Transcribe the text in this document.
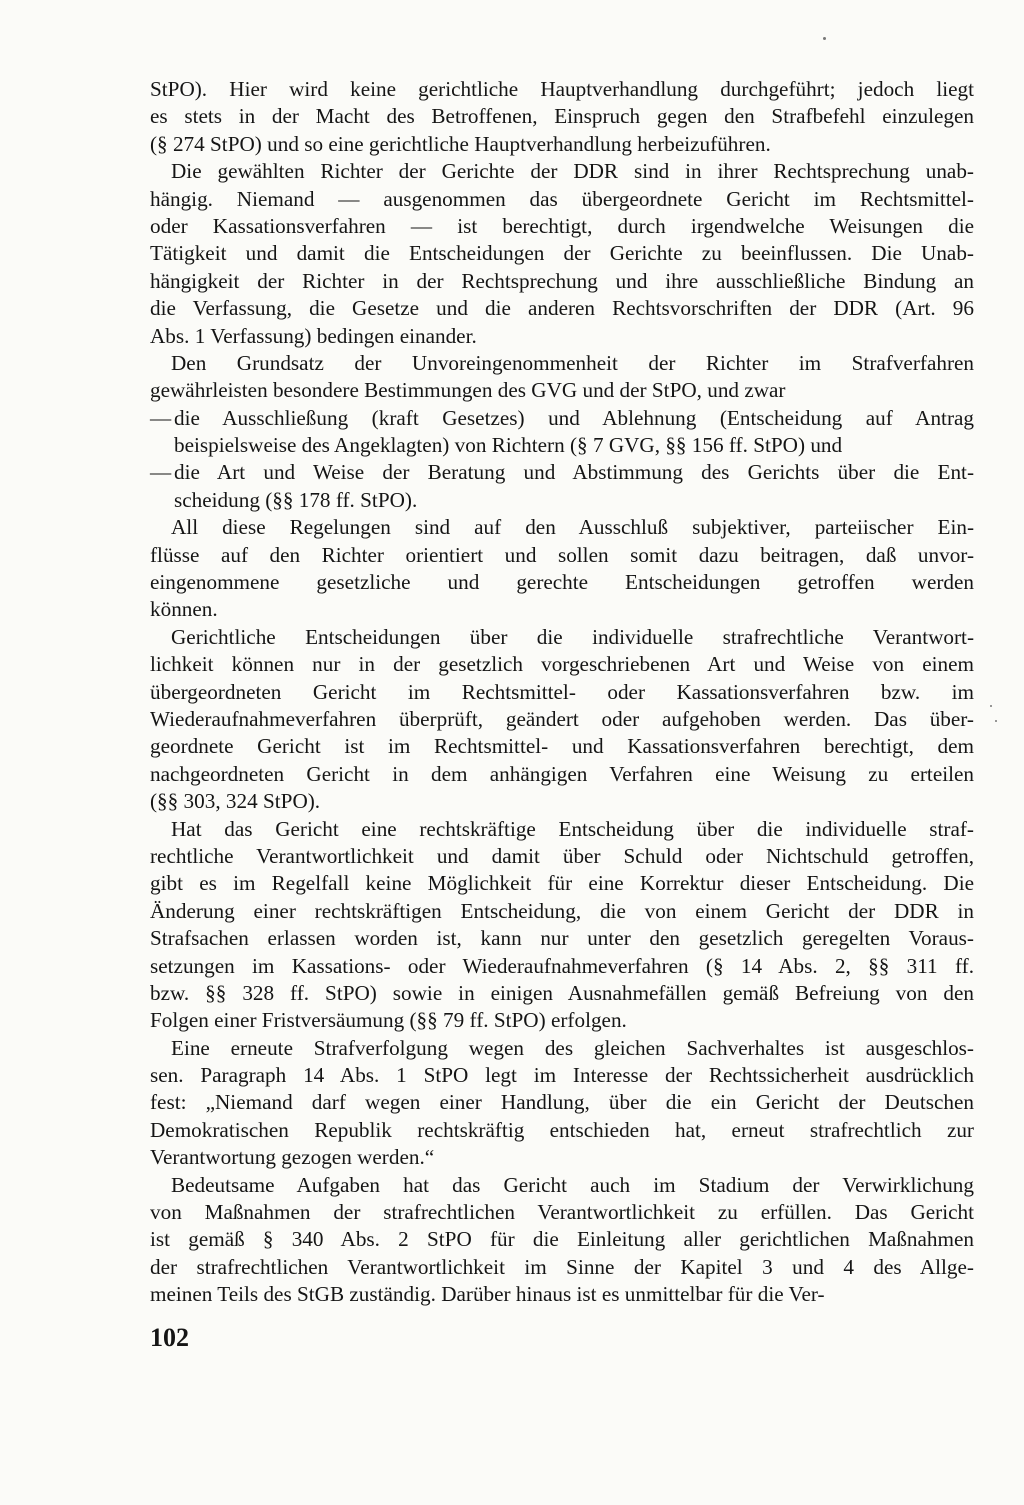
StPO). Hier wird keine gerichtliche Hauptverhandlung durchgeführt; jedoch liegt
es stets in der Macht des Betroffenen, Einspruch gegen den Strafbefehl einzulegen
(§ 274 StPO) und so eine gerichtliche Hauptverhandlung herbeizuführen.
Die gewählten Richter der Gerichte der DDR sind in ihrer Rechtsprechung unab-
hängig. Niemand — ausgenommen das übergeordnete Gericht im Rechtsmittel-
oder Kassationsverfahren — ist berechtigt, durch irgendwelche Weisungen die
Tätigkeit und damit die Entscheidungen der Gerichte zu beeinflussen. Die Unab-
hängigkeit der Richter in der Rechtsprechung und ihre ausschließliche Bindung an
die Verfassung, die Gesetze und die anderen Rechtsvorschriften der DDR (Art. 96
Abs. 1 Verfassung) bedingen einander.
Den Grundsatz der Unvoreingenommenheit der Richter im Strafverfahren
gewährleisten besondere Bestimmungen des GVG und der StPO, und zwar
— die Ausschließung (kraft Gesetzes) und Ablehnung (Entscheidung auf Antrag
beispielsweise des Angeklagten) von Richtern (§ 7 GVG, §§ 156 ff. StPO) und
— die Art und Weise der Beratung und Abstimmung des Gerichts über die Ent-
scheidung (§§ 178 ff. StPO).
All diese Regelungen sind auf den Ausschluß subjektiver, parteiischer Ein-
flüsse auf den Richter orientiert und sollen somit dazu beitragen, daß unvor-
eingenommene gesetzliche und gerechte Entscheidungen getroffen werden
können.
Gerichtliche Entscheidungen über die individuelle strafrechtliche Verantwort-
lichkeit können nur in der gesetzlich vorgeschriebenen Art und Weise von einem
übergeordneten Gericht im Rechtsmittel- oder Kassationsverfahren bzw. im
Wiederaufnahmeverfahren überprüft, geändert oder aufgehoben werden. Das über-
geordnete Gericht ist im Rechtsmittel- und Kassationsverfahren berechtigt, dem
nachgeordneten Gericht in dem anhängigen Verfahren eine Weisung zu erteilen
(§§ 303, 324 StPO).
Hat das Gericht eine rechtskräftige Entscheidung über die individuelle straf-
rechtliche Verantwortlichkeit und damit über Schuld oder Nichtschuld getroffen,
gibt es im Regelfall keine Möglichkeit für eine Korrektur dieser Entscheidung. Die
Änderung einer rechtskräftigen Entscheidung, die von einem Gericht der DDR in
Strafsachen erlassen worden ist, kann nur unter den gesetzlich geregelten Voraus-
setzungen im Kassations- oder Wiederaufnahmeverfahren (§ 14 Abs. 2, §§ 311 ff.
bzw. §§ 328 ff. StPO) sowie in einigen Ausnahmefällen gemäß Befreiung von den
Folgen einer Fristversäumung (§§ 79 ff. StPO) erfolgen.
Eine erneute Strafverfolgung wegen des gleichen Sachverhaltes ist ausgeschlos-
sen. Paragraph 14 Abs. 1 StPO legt im Interesse der Rechtssicherheit ausdrücklich
fest: „Niemand darf wegen einer Handlung, über die ein Gericht der Deutschen
Demokratischen Republik rechtskräftig entschieden hat, erneut strafrechtlich zur
Verantwortung gezogen werden.“
Bedeutsame Aufgaben hat das Gericht auch im Stadium der Verwirklichung
von Maßnahmen der strafrechtlichen Verantwortlichkeit zu erfüllen. Das Gericht
ist gemäß § 340 Abs. 2 StPO für die Einleitung aller gerichtlichen Maßnahmen
der strafrechtlichen Verantwortlichkeit im Sinne der Kapitel 3 und 4 des Allge-
meinen Teils des StGB zuständig. Darüber hinaus ist es unmittelbar für die Ver-
102
